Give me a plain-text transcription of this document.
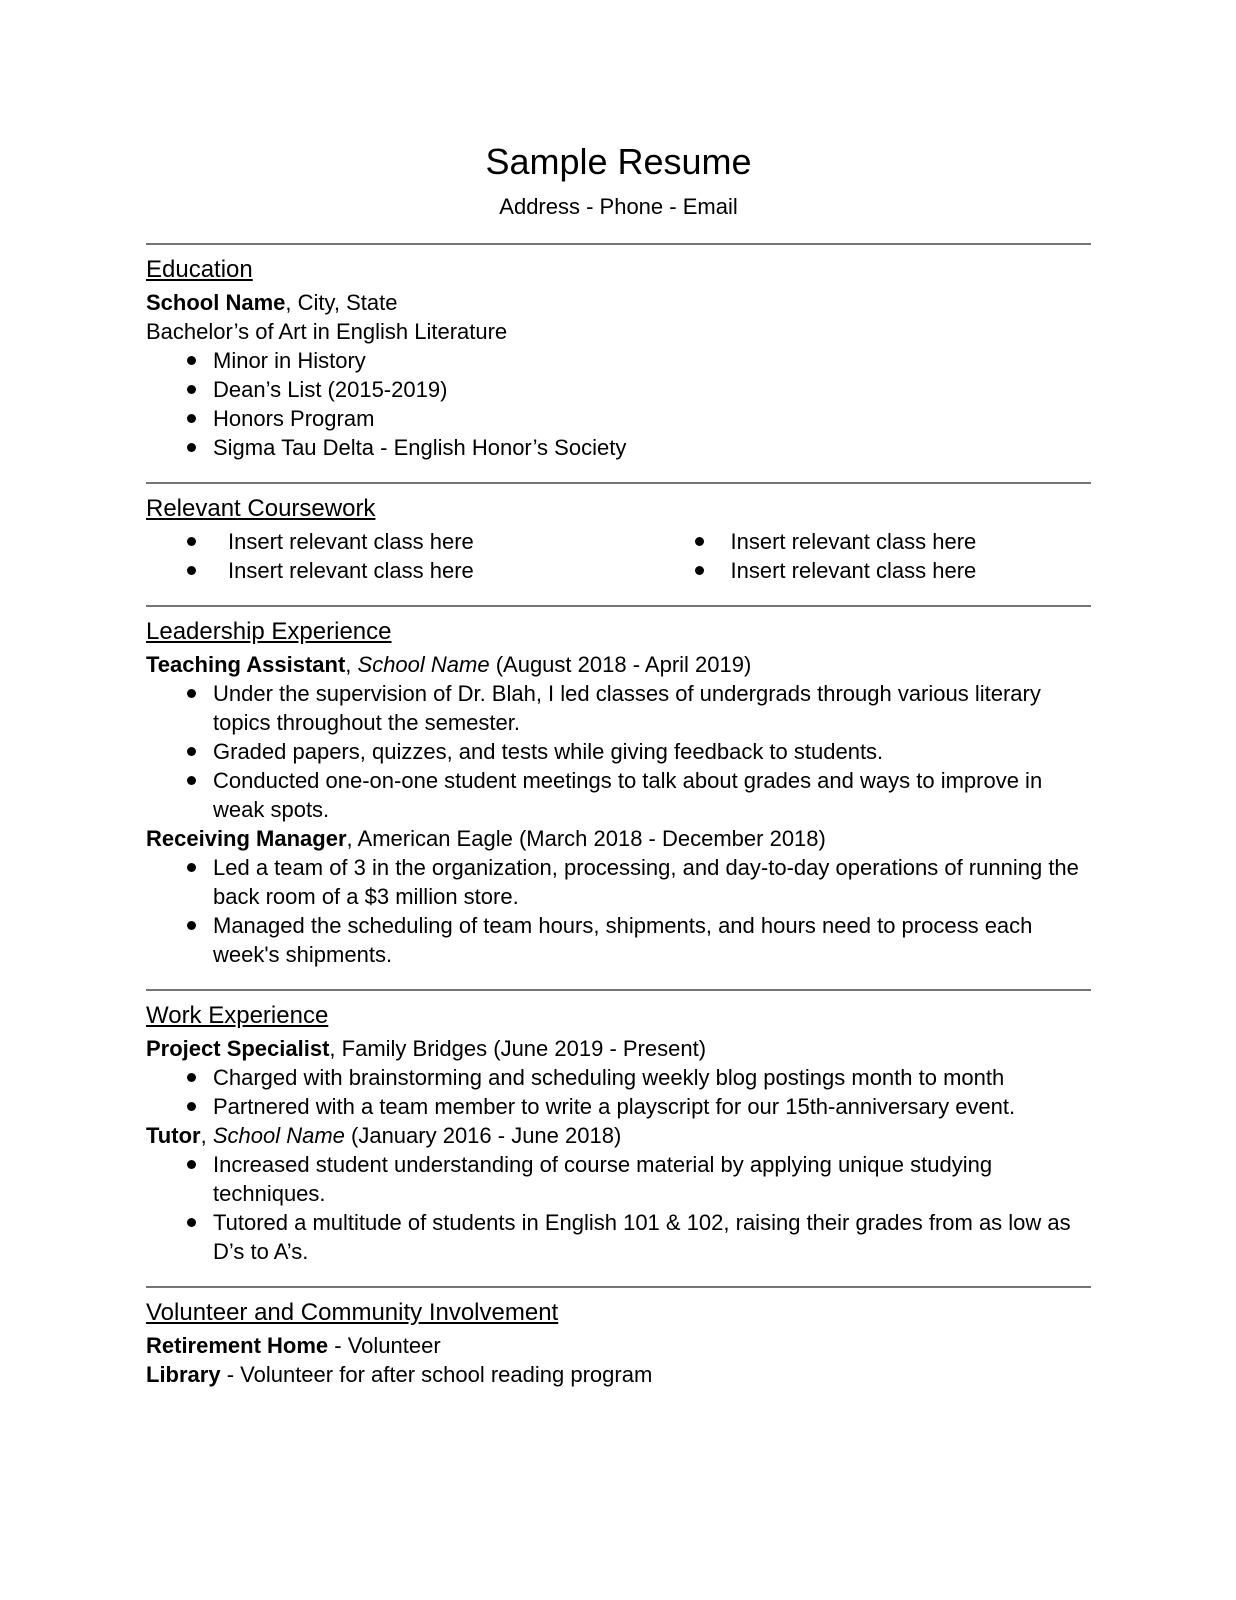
Sample Resume

Address - Phone - Email

Education

School Name, City, State

Bachelor’s of Art in English Literature

Minor in History
Dean’s List (2015-2019)
Honors Program
Sigma Tau Delta - English Honor’s Society
Relevant Coursework
Insert relevant class here
Insert relevant class here
Insert relevant class here
Insert relevant class here
Leadership Experience

Teaching Assistant, School Name (August 2018 - April 2019)

Under the supervision of Dr. Blah, I led classes of undergrads through various literary topics throughout the semester.
Graded papers, quizzes, and tests while giving feedback to students.
Conducted one-on-one student meetings to talk about grades and ways to improve in weak spots.

Receiving Manager, American Eagle (March 2018 - December 2018)

Led a team of 3 in the organization, processing, and day-to-day operations of running the back room of a $3 million store.
Managed the scheduling of team hours, shipments, and hours need to process each week's shipments.
Work Experience

Project Specialist, Family Bridges (June 2019 - Present)

Charged with brainstorming and scheduling weekly blog postings month to month
Partnered with a team member to write a playscript for our 15th-anniversary event.

Tutor, School Name (January 2016 - June 2018)

Increased student understanding of course material by applying unique studying techniques.
Tutored a multitude of students in English 101 & 102, raising their grades from as low as D’s to A’s.
Volunteer and Community Involvement

Retirement Home - Volunteer

Library - Volunteer for after school reading program
